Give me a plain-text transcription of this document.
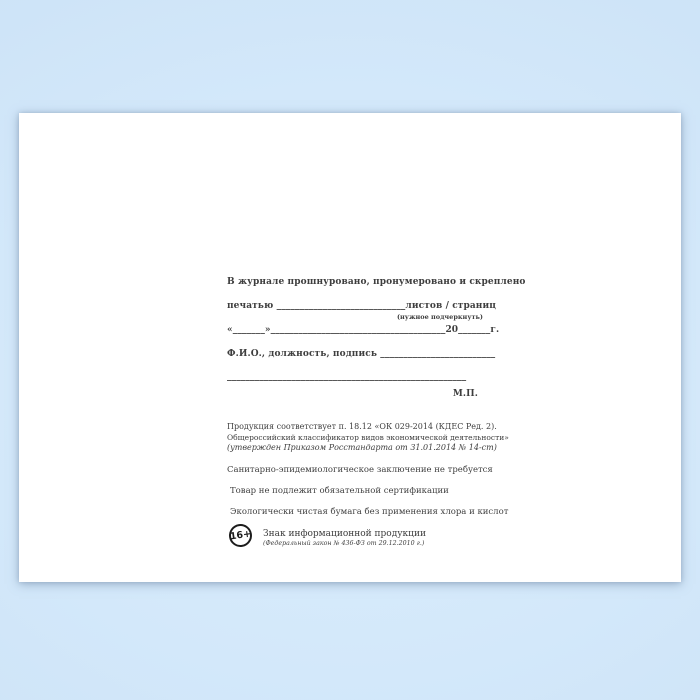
В журнале прошнуровано, пронумеровано и скреплено
печатью ____________________________листов / страниц
(нужное подчеркнуть)
«_______»______________________________________20_______г.
Ф.И.О., должность, подпись _________________________
____________________________________________________
М.П.
Продукция соответствует п. 18.12 «ОК 029-2014 (КДЕС Ред. 2).
Общероссийский классификатор видов экономической деятельности»
(утвержден Приказом Росстандарта от 31.01.2014 № 14-ст)
Санитарно-эпидемиологическое заключение не требуется
Товар не подлежит обязательной сертификации
Экологически чистая бумага без применения хлора и кислот
16+ Знак информационной продукции
(Федеральный закон № 436-ФЗ от 29.12.2010 г.)
